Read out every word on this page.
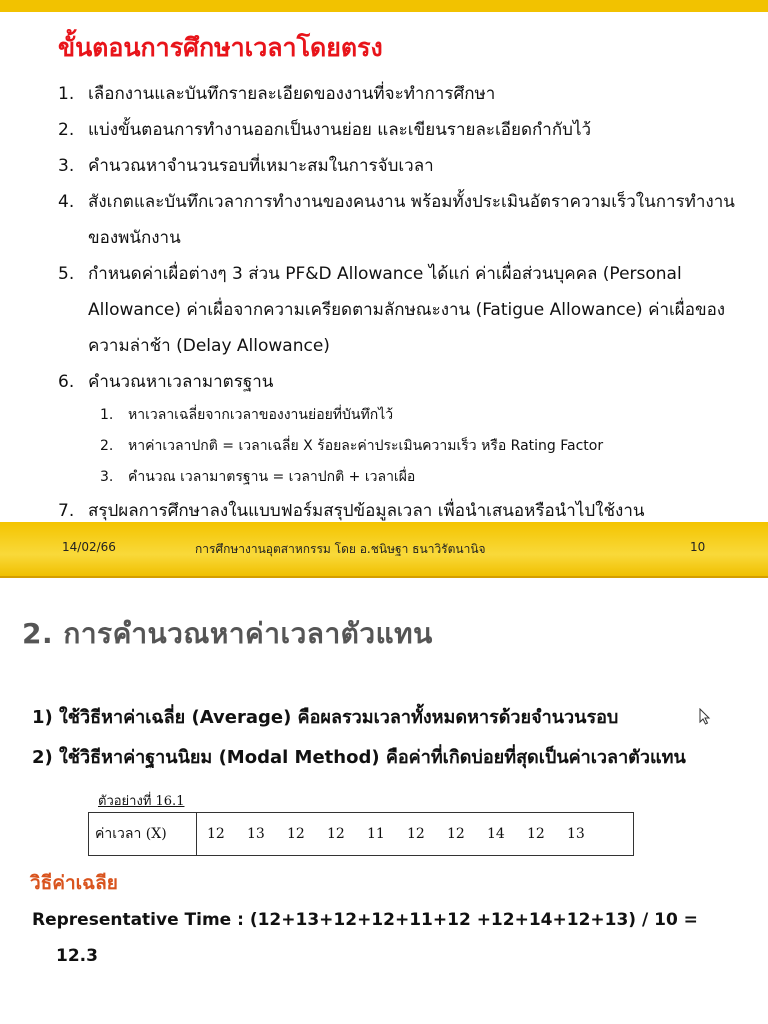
ขั้นตอนการศึกษาเวลาโดยตรง
1. เลือกงานและบันทึกรายละเอียดของงานที่จะทำการศึกษา
2. แบ่งขั้นตอนการทำงานออกเป็นงานย่อย และเขียนรายละเอียดกำกับไว้
3. คำนวณหาจำนวนรอบที่เหมาะสมในการจับเวลา
4. สังเกตและบันทึกเวลาการทำงานของคนงาน พร้อมทั้งประเมินอัตราความเร็วในการทำงานของพนักงาน
5. กำหนดค่าเผื่อต่างๆ 3 ส่วน PF&D Allowance ได้แก่ ค่าเผื่อส่วนบุคคล (Personal Allowance) ค่าเผื่อจากความเครียดตามลักษณะงาน (Fatigue Allowance) ค่าเผื่อของความล่าช้า (Delay Allowance)
6. คำนวณหาเวลามาตรฐาน
1.	หาเวลาเฉลี่ยจากเวลาของงานย่อยที่บันทึกไว้
2.	หาค่าเวลาปกติ = เวลาเฉลี่ย X ร้อยละค่าประเมินความเร็ว หรือ Rating Factor
3.	คำนวณ เวลามาตรฐาน = เวลาปกติ + เวลาเผื่อ
7. สรุปผลการศึกษาลงในแบบฟอร์มสรุปข้อมูลเวลา เพื่อนำเสนอหรือนำไปใช้งาน
14/02/66	การศึกษางานอุตสาหกรรม โดย อ.ชนิษฐา ธนาวิรัตนานิจ	10
2. การคำนวณหาค่าเวลาตัวแทน
1) ใช้วิธีหาค่าเฉลี่ย (Average) คือผลรวมเวลาทั้งหมดหารด้วยจำนวนรอบ
2) ใช้วิธีหาค่าฐานนิยม (Modal Method) คือค่าที่เกิดบ่อยที่สุดเป็นค่าเวลาตัวแทน
ตัวอย่างที่ 16.1
ค่าเวลา (X)	12	13	12	12	11	12	12	14	12	13
วิธีค่าเฉลีย
Representative Time : (12+13+12+12+11+12 +12+14+12+13) / 10 =
12.3
